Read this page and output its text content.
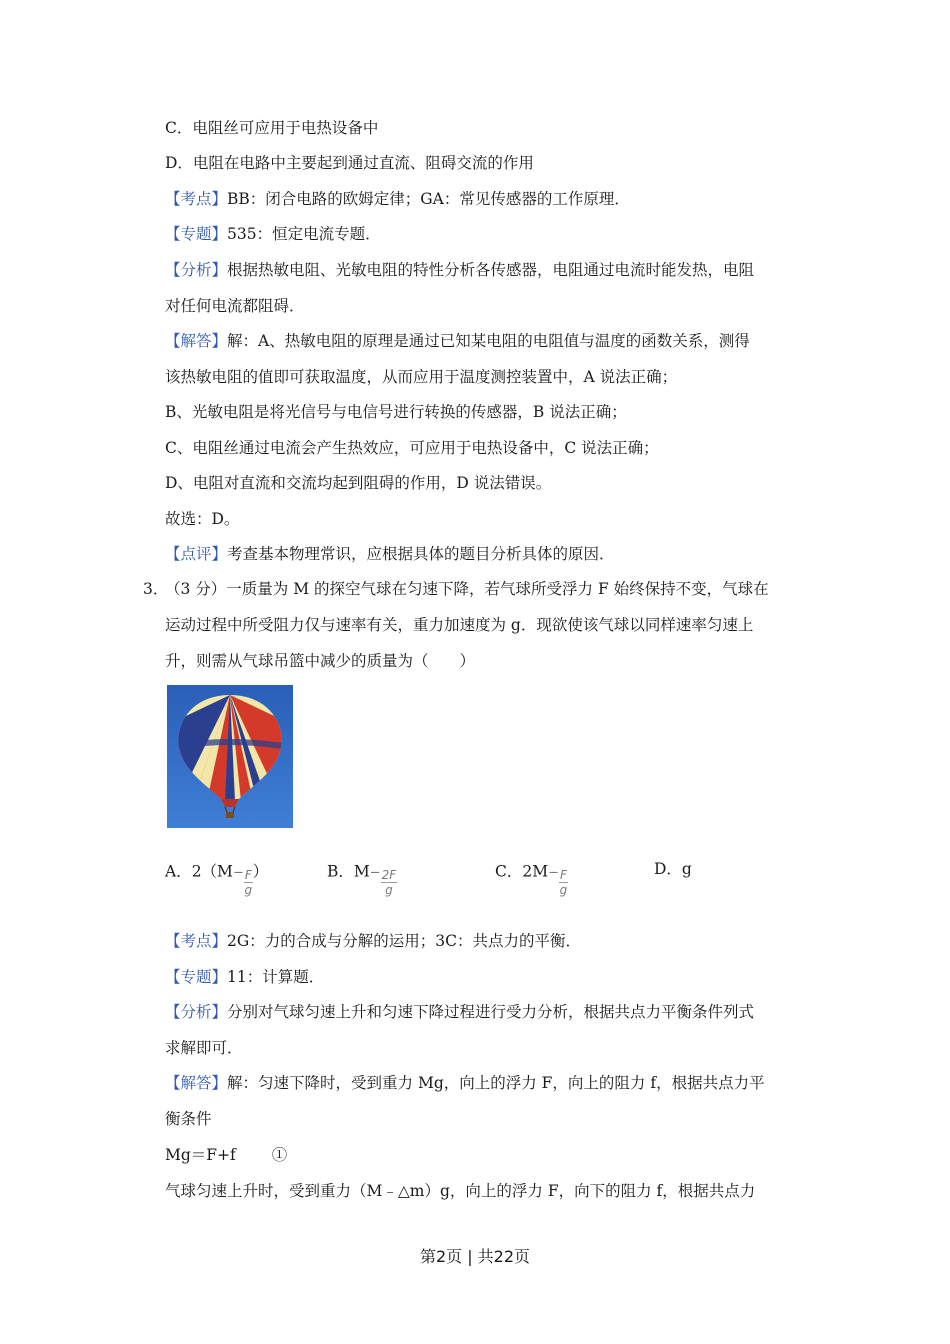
C．电阻丝可应用于电热设备中
D．电阻在电路中主要起到通过直流、阻碍交流的作用
【考点】BB：闭合电路的欧姆定律；GA：常见传感器的工作原理．
【专题】535：恒定电流专题．
【分析】根据热敏电阻、光敏电阻的特性分析各传感器，电阻通过电流时能发热，电阻
对任何电流都阻碍．
【解答】解：A、热敏电阻的原理是通过已知某电阻的电阻值与温度的函数关系，测得
该热敏电阻的值即可获取温度，从而应用于温度测控装置中，A 说法正确；
B、光敏电阻是将光信号与电信号进行转换的传感器，B 说法正确；
C、电阻丝通过电流会产生热效应，可应用于电热设备中，C 说法正确；
D、电阻对直流和交流均起到阻碍的作用，D 说法错误。
故选：D。
【点评】考查基本物理常识，应根据具体的题目分析具体的原因．
3．
（3 分）一质量为 M 的探空气球在匀速下降，若气球所受浮力 F 始终保持不变，气球在
运动过程中所受阻力仅与速率有关，重力加速度为 g．现欲使该气球以同样速率匀速上
升，则需从气球吊篮中减少的质量为（　　）
A．$2(M- \frac{F}{g}$ ）	B．$M- \frac{2F}{g}$	C．$2M- \frac{F}{g}$	D．g
【考点】2G：力的合成与分解的运用；3C：共点力的平衡．
【专题】11：计算题．
【分析】分别对气球匀速上升和匀速下降过程进行受力分析，根据共点力平衡条件列式
求解即可．
【解答】解：匀速下降时，受到重力 Mg，向上的浮力 F，向上的阻力 f，根据共点力平
衡条件
Mg＝F+f　　 ①
气球匀速上升时，受到重力（M﹣△m）g，向上的浮力 F，向下的阻力 f，根据共点力
第2页 | 共22页
